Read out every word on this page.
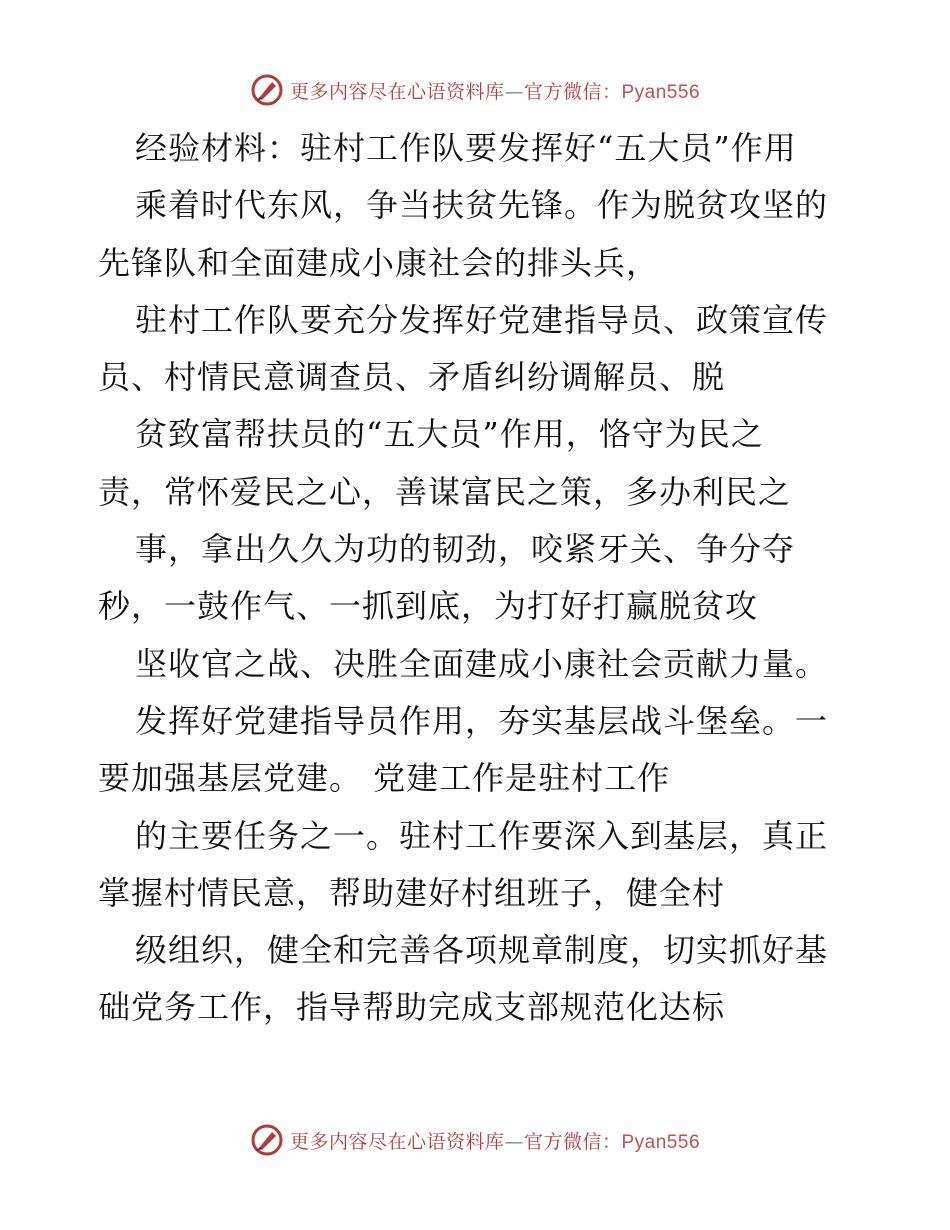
更多内容尽在心语资料库—官方微信：Pyan556
经验材料：驻村工作队要发挥好“五大员”作用
乘着时代东风，争当扶贫先锋。作为脱贫攻坚的
先锋队和全面建成小康社会的排头兵，
驻村工作队要充分发挥好党建指导员、政策宣传
员、村情民意调查员、矛盾纠纷调解员、脱
贫致富帮扶员的“五大员”作用，恪守为民之
责，常怀爱民之心，善谋富民之策，多办利民之
事，拿出久久为功的韧劲，咬紧牙关、争分夺
秒，一鼓作气、一抓到底，为打好打赢脱贫攻
坚收官之战、决胜全面建成小康社会贡献力量。
发挥好党建指导员作用，夯实基层战斗堡垒。一
要加强基层党建。 党建工作是驻村工作
的主要任务之一。驻村工作要深入到基层，真正
掌握村情民意，帮助建好村组班子，健全村
级组织，健全和完善各项规章制度，切实抓好基
础党务工作，指导帮助完成支部规范化达标
更多内容尽在心语资料库—官方微信：Pyan556
